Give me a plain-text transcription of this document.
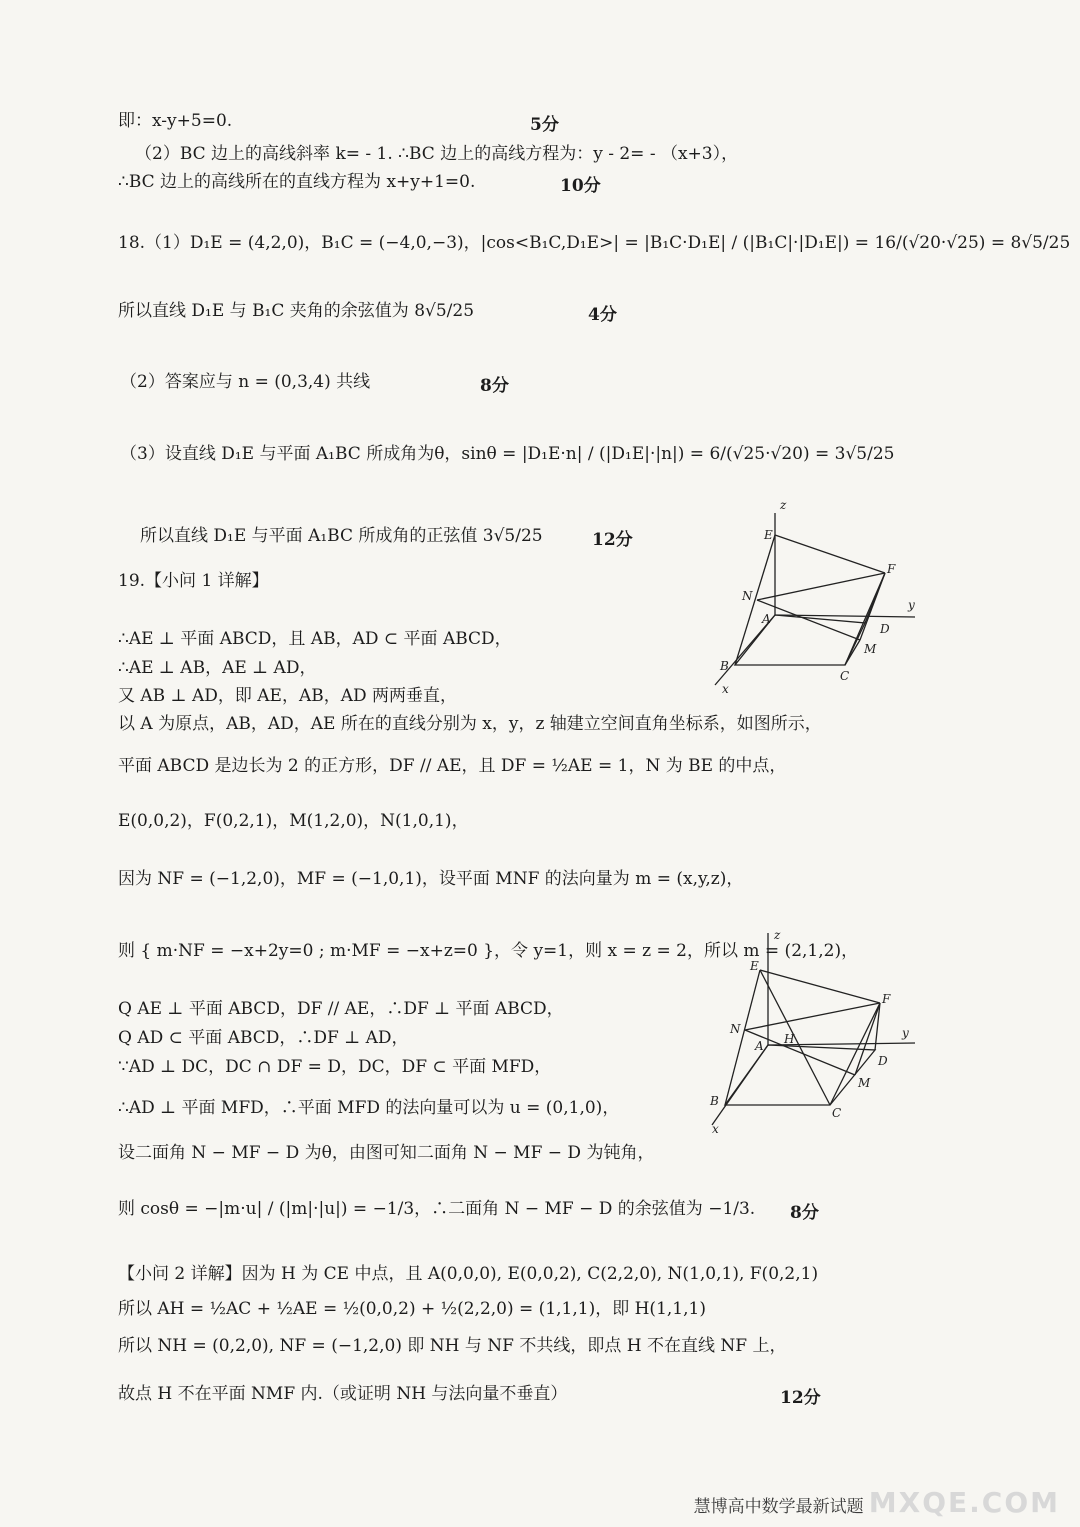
即：x-y+5=0.
（2）BC 边上的高线斜率 k= - 1. ∴BC 边上的高线方程为：y - 2= - （x+3），
∴BC 边上的高线所在的直线方程为 x+y+1=0.
18.（1）D₁E = (4,2,0)，B₁C = (−4,0,−3)，|cos<B₁C,D₁E>| = |B₁C·D₁E| / (|B₁C|·|D₁E|) = 16/(√20·√25) = 8√5/25
所以直线 D₁E 与 B₁C 夹角的余弦值为 8√5/25
（2）答案应与 n = (0,3,4) 共线
（3）设直线 D₁E 与平面 A₁BC 所成角为θ，sinθ = |D₁E·n| / (|D₁E|·|n|) = 6/(√25·√20) = 3√5/25
所以直线 D₁E 与平面 A₁BC 所成角的正弦值 3√5/25
19.【小问 1 详解】
∴AE ⊥ 平面 ABCD，且 AB，AD ⊂ 平面 ABCD，
∴AE ⊥ AB，AE ⊥ AD，
又 AB ⊥ AD，即 AE，AB，AD 两两垂直，
以 A 为原点，AB，AD，AE 所在的直线分别为 x，y，z 轴建立空间直角坐标系，如图所示，
平面 ABCD 是边长为 2 的正方形，DF // AE，且 DF = ½AE = 1，N 为 BE 的中点，
E(0,0,2)，F(0,2,1)，M(1,2,0)，N(1,0,1)，
因为 NF = (−1,2,0)，MF = (−1,0,1)，设平面 MNF 的法向量为 m = (x,y,z)，
则 { m·NF = −x+2y=0 ; m·MF = −x+z=0 }，令 y=1，则 x = z = 2，所以 m = (2,1,2)，
Q AE ⊥ 平面 ABCD，DF // AE，∴DF ⊥ 平面 ABCD，
Q AD ⊂ 平面 ABCD，∴DF ⊥ AD，
∵AD ⊥ DC，DC ∩ DF = D，DC，DF ⊂ 平面 MFD，
∴AD ⊥ 平面 MFD，∴平面 MFD 的法向量可以为 u = (0,1,0)，
设二面角 N − MF − D 为θ，由图可知二面角 N − MF − D 为钝角，
则 cosθ = −|m·u| / (|m|·|u|) = −1/3，∴二面角 N − MF − D 的余弦值为 −1/3.
【小问 2 详解】因为 H 为 CE 中点，且 A(0,0,0), E(0,0,2), C(2,2,0), N(1,0,1), F(0,2,1)
所以 AH = ½AC + ½AE = ½(0,0,2) + ½(2,2,0) = (1,1,1)，即 H(1,1,1)
所以 NH = (0,2,0), NF = (−1,2,0) 即 NH 与 NF 不共线，即点 H 不在直线 NF 上，
故点 H 不在平面 NMF 内.（或证明 NH 与法向量不垂直）
5分
10分
4分
8分
12分
8分
12分
E
F
N
A
D
M
B
C
x
y
z
E
F
N
A H
D
M
B
C
x
y
z
慧博高中数学最新试题 MXQE.COM
